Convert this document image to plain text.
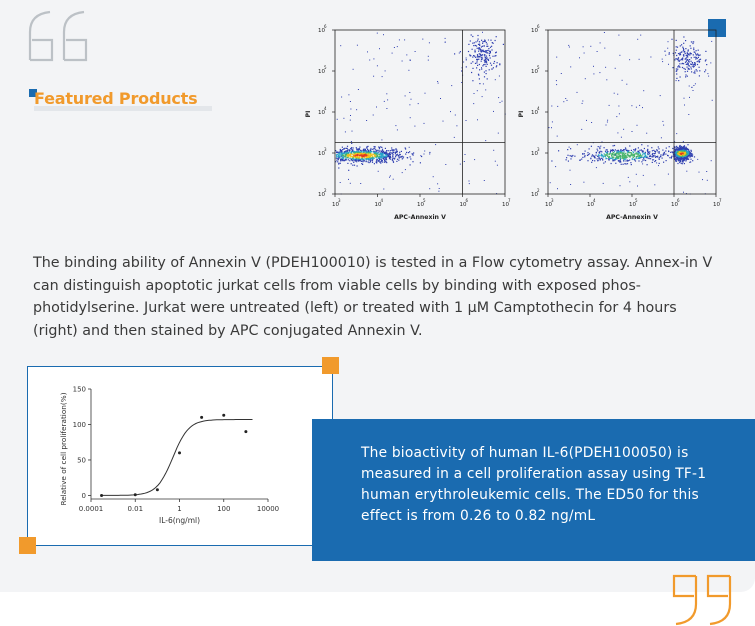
Featured Products
10
3
10
4
10
5
10
6
10
7
10
6
10
5
10
4
10
3
10
2
APC-Annexin V
PI
10
3
10
4
10
5
10
6
10
7
10
6
10
5
10
4
10
3
10
2
APC-Annexin V
PI

The binding ability of Annexin V (PDEH100010) is tested in a Flow cytometry assay. Annex-in V can distinguish apoptotic jurkat cells from viable cells by binding with exposed phos-photidylserine. Jurkat were untreated (left) or treated with 1 μM Camptothecin for 4 hours (right) and then stained by APC conjugated Annexin V.

0
50
100
150
0.0001	0.01	1	100	10000
IL-6(ng/ml)
Relative of cell proliferation(%)	The bioactivity of human IL-6(PDEH100050) is measured in a cell proliferation assay using TF-1 human erythroleukemic cells. The ED50 for this effect is from 0.26 to 0.82 ng/mL
